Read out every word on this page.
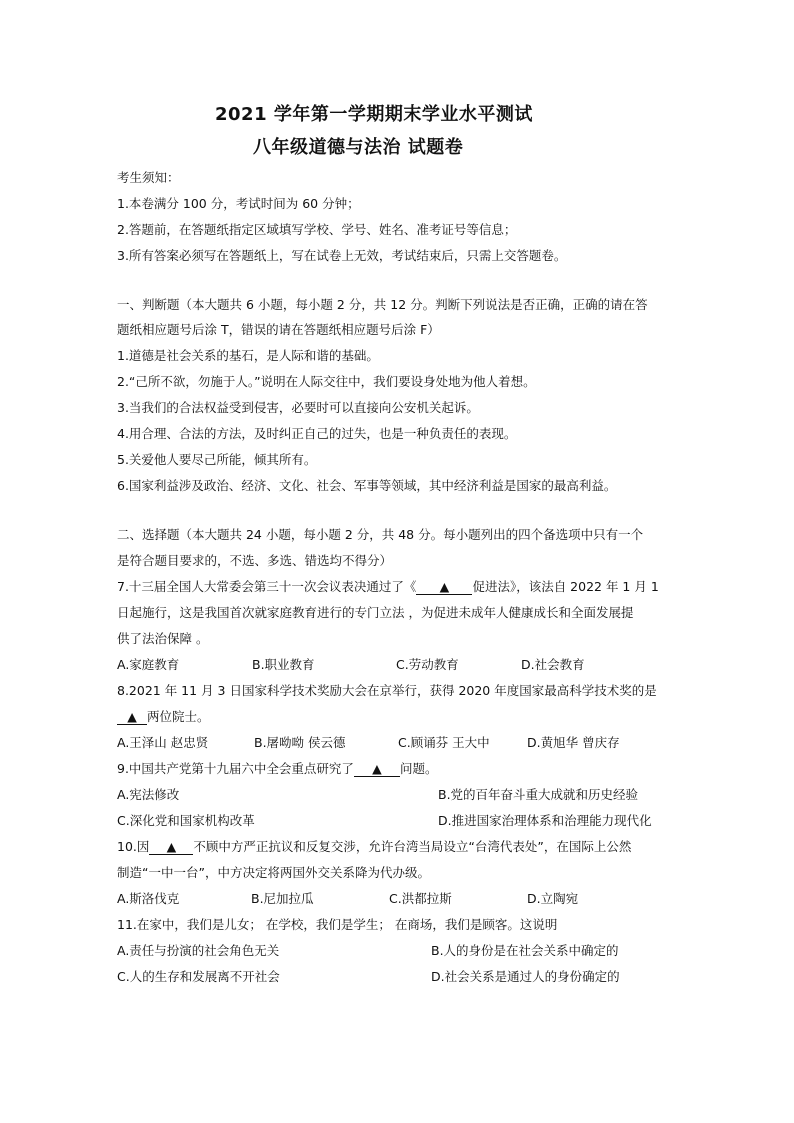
2021 学年第一学期期末学业水平测试
八年级道德与法治 试题卷
考生须知：
1.本卷满分 100 分，考试时间为 60 分钟；
2.答题前，在答题纸指定区域填写学校、学号、姓名、准考证号等信息；
3.所有答案必须写在答题纸上，写在试卷上无效，考试结束后，只需上交答题卷。
一、判断题（本大题共 6 小题，每小题 2 分，共 12 分。判断下列说法是否正确，正确的请在答
题纸相应题号后涂 T，错误的请在答题纸相应题号后涂 F）
1.道德是社会关系的基石，是人际和谐的基础。
2.“己所不欲，勿施于人。”说明在人际交往中，我们要设身处地为他人着想。
3.当我们的合法权益受到侵害，必要时可以直接向公安机关起诉。
4.用合理、合法的方法，及时纠正自己的过失，也是一种负责任的表现。
5.关爱他人要尽己所能，倾其所有。
6.国家利益涉及政治、经济、文化、社会、军事等领域，其中经济利益是国家的最高利益。
二、选择题（本大题共 24 小题，每小题 2 分，共 48 分。每小题列出的四个备选项中只有一个
是符合题目要求的，不选、多选、错选均不得分）
7.十三届全国人大常委会第三十一次会议表决通过了《 ▲ 促进法》，该法自 2022 年 1 月 1
日起施行，这是我国首次就家庭教育进行的专门立法 ，为促进未成年人健康成长和全面发展提
供了法治保障 。
A.家庭教育	B.职业教育	C.劳动教育	D.社会教育
8.2021 年 11 月 3 日国家科学技术奖励大会在京举行，获得 2020 年度国家最高科学技术奖的是
▲ 两位院士。
A.王泽山 赵忠贤	B.屠呦呦 侯云德	C.顾诵芬 王大中	D.黄旭华 曾庆存
9.中国共产党第十九届六中全会重点研究了 ▲ 问题。
A.宪法修改	B.党的百年奋斗重大成就和历史经验
C.深化党和国家机构改革	D.推进国家治理体系和治理能力现代化
10.因 ▲ 不顾中方严正抗议和反复交涉，允许台湾当局设立“台湾代表处”，在国际上公然
制造“一中一台”，中方决定将两国外交关系降为代办级。
A.斯洛伐克	B.尼加拉瓜	C.洪都拉斯	D.立陶宛
11.在家中，我们是儿女； 在学校，我们是学生； 在商场，我们是顾客。这说明
A.责任与扮演的社会角色无关	B.人的身份是在社会关系中确定的
C.人的生存和发展离不开社会	D.社会关系是通过人的身份确定的
